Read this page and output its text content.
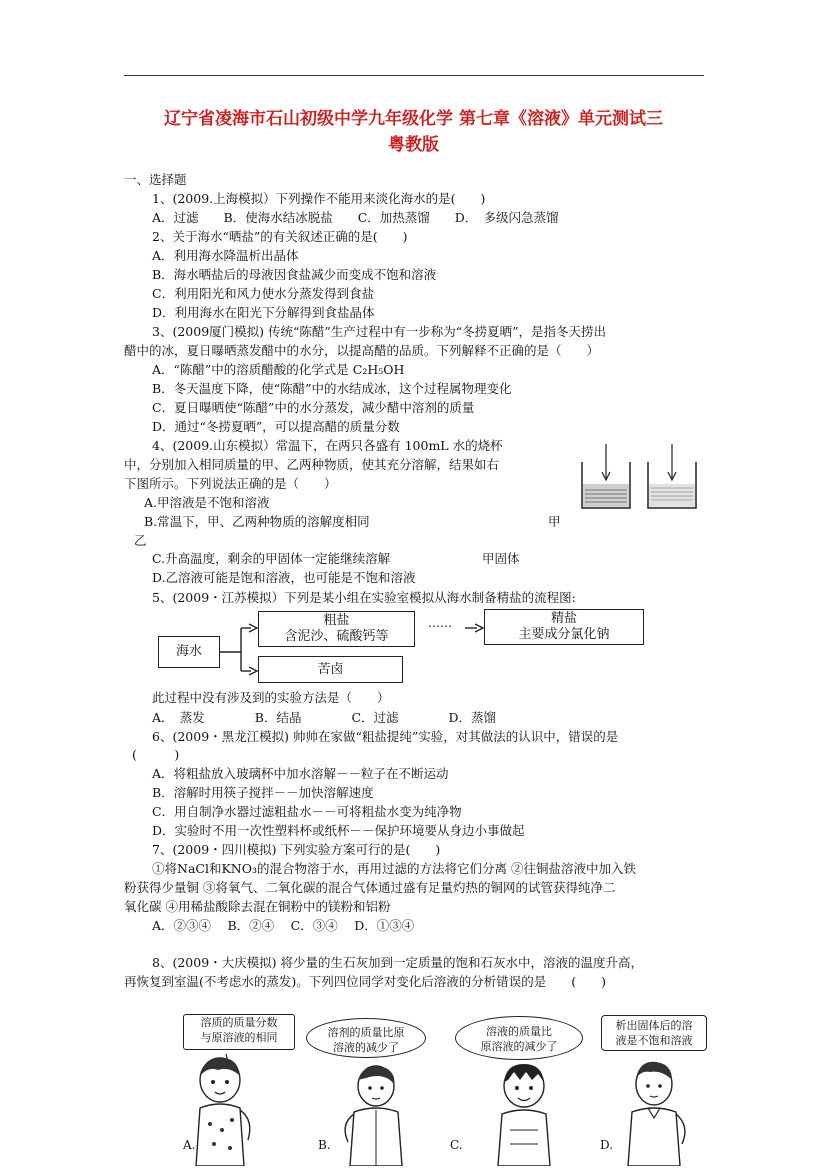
辽宁省凌海市石山初级中学九年级化学 第七章《溶液》单元测试三
粤教版
一、选择题
1、(2009.上海模拟）下列操作不能用来淡化海水的是(　　)
A．过滤　　B．使海水结冰脱盐　　C．加热蒸馏　　D．　多级闪急蒸馏
2、关于海水“晒盐”的有关叙述正确的是(　　)
A．利用海水降温析出晶体
B．海水晒盐后的母液因食盐减少而变成不饱和溶液
C．利用阳光和风力使水分蒸发得到食盐
D．利用海水在阳光下分解得到食盐晶体
3、(2009厦门模拟) 传统“陈醋”生产过程中有一步称为“冬捞夏晒”，是指冬天捞出
醋中的冰，夏日曝晒蒸发醋中的水分，以提高醋的品质。下列解释不正确的是（　　）
A．“陈醋”中的溶质醋酸的化学式是 C₂H₅OH
B．冬天温度下降，使“陈醋”中的水结成冰，这个过程属物理变化
C．夏日曝晒使“陈醋”中的水分蒸发，减少醋中溶剂的质量
D．通过“冬捞夏晒”，可以提高醋的质量分数
4、(2009.山东模拟）常温下，在两只各盛有 100mL 水的烧杯
中，分别加入相同质量的甲、乙两种物质，使其充分溶解，结果如右
下图所示。下列说法正确的是（　　）
A.甲溶液是不饱和溶液
B.常温下，甲、乙两种物质的溶解度相同	甲
乙
C.升高温度，剩余的甲固体一定能继续溶解	甲固体
D.乙溶液可能是饱和溶液，也可能是不饱和溶液
5、(2009・江苏模拟）下列是某小组在实验室模拟从海水制备精盐的流程图:
海水
粗盐
含泥沙、硫酸钙等
……	精盐
主要成分氯化钠
苦卤
此过程中没有涉及到的实验方法是（　　）
A．　蒸发　　　　B．结晶　　　　C．过滤　　　　D．蒸馏
6、(2009・黑龙江模拟) 帅帅在家做“粗盐提纯”实验，对其做法的认识中，错误的是
(　　　)
A．将粗盐放入玻璃杯中加水溶解－－粒子在不断运动
B．溶解时用筷子搅拌－－加快溶解速度
C．用自制净水器过滤粗盐水－－可将粗盐水变为纯净物
D．实验时不用一次性塑料杯或纸杯－－保护环境要从身边小事做起
7、(2009・四川模拟) 下列实验方案可行的是(　　)
①将NaCl和KNO₃的混合物溶于水，再用过滤的方法将它们分离 ②往铜盐溶液中加入铁
粉获得少量铜 ③将氧气、二氧化碳的混合气体通过盛有足量灼热的铜网的试管获得纯净二
氧化碳 ④用稀盐酸除去混在铜粉中的镁粉和铝粉
A．②③④　 B．②④　 C．③④　 D．①③④
8、(2009・大庆模拟) 将少量的生石灰加到一定质量的饱和石灰水中，溶液的温度升高，
再恢复到室温(不考虑水的蒸发)。下列四位同学对变化后溶液的分析错误的是　　(　　)
溶质的质量分数
与原溶液的相同	溶剂的质量比原
溶液的减少了
溶液的质量比
原溶液的减少了
析出固体后的溶
液是不饱和溶液
A.	B.	C.	D.
